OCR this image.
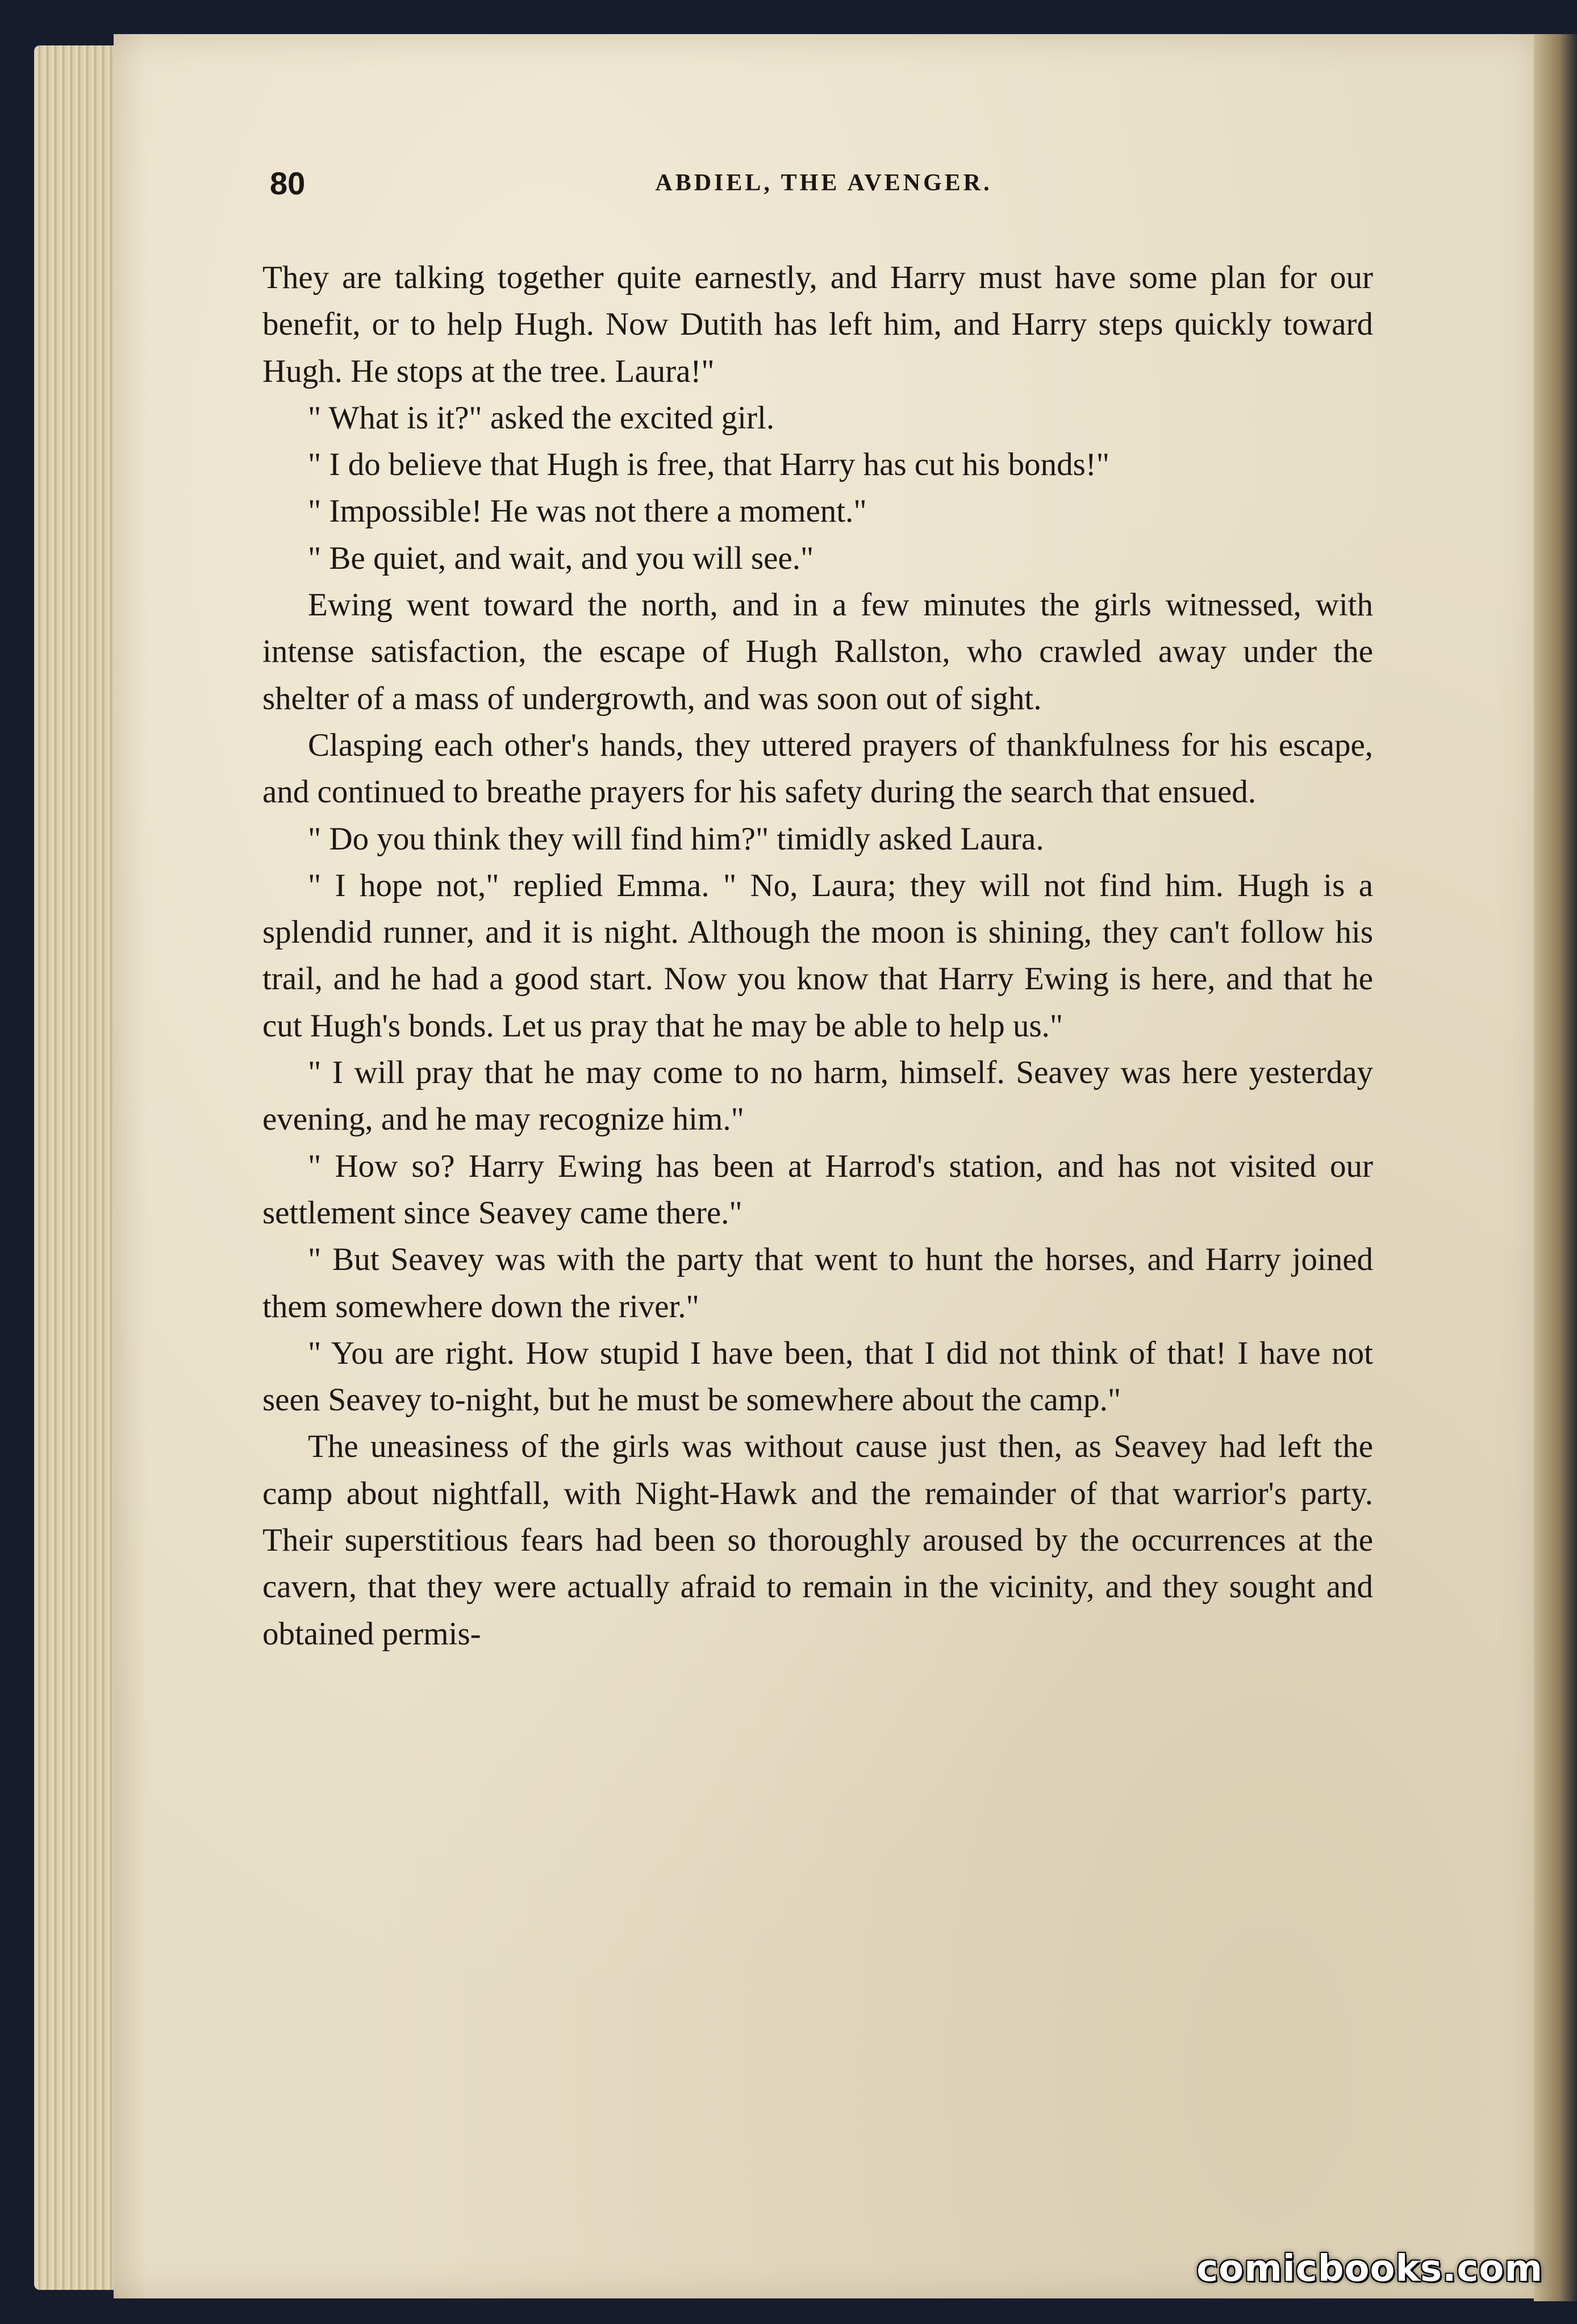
80	ABDIEL, THE AVENGER.

They are talking together quite earnestly, and Harry must have some plan for our benefit, or to help Hugh. Now Dutith has left him, and Harry steps quickly toward Hugh. He stops at the tree. Laura!"

" What is it?" asked the excited girl.

" I do believe that Hugh is free, that Harry has cut his bonds!"

" Impossible! He was not there a moment."

" Be quiet, and wait, and you will see."

Ewing went toward the north, and in a few minutes the girls witnessed, with intense satisfaction, the escape of Hugh Rallston, who crawled away under the shelter of a mass of undergrowth, and was soon out of sight.

Clasping each other's hands, they uttered prayers of thankfulness for his escape, and continued to breathe prayers for his safety during the search that ensued.

" Do you think they will find him?" timidly asked Laura.

" I hope not," replied Emma. " No, Laura; they will not find him. Hugh is a splendid runner, and it is night. Although the moon is shining, they can't follow his trail, and he had a good start. Now you know that Harry Ewing is here, and that he cut Hugh's bonds. Let us pray that he may be able to help us."

" I will pray that he may come to no harm, himself. Seavey was here yesterday evening, and he may recognize him."

" How so? Harry Ewing has been at Harrod's station, and has not visited our settlement since Seavey came there."

" But Seavey was with the party that went to hunt the horses, and Harry joined them somewhere down the river."

" You are right. How stupid I have been, that I did not think of that! I have not seen Seavey to-night, but he must be somewhere about the camp."

The uneasiness of the girls was without cause just then, as Seavey had left the camp about nightfall, with Night-Hawk and the remainder of that warrior's party. Their superstitious fears had been so thoroughly aroused by the occurrences at the cavern, that they were actually afraid to remain in the vicinity, and they sought and obtained permis-

comicbooks.com
